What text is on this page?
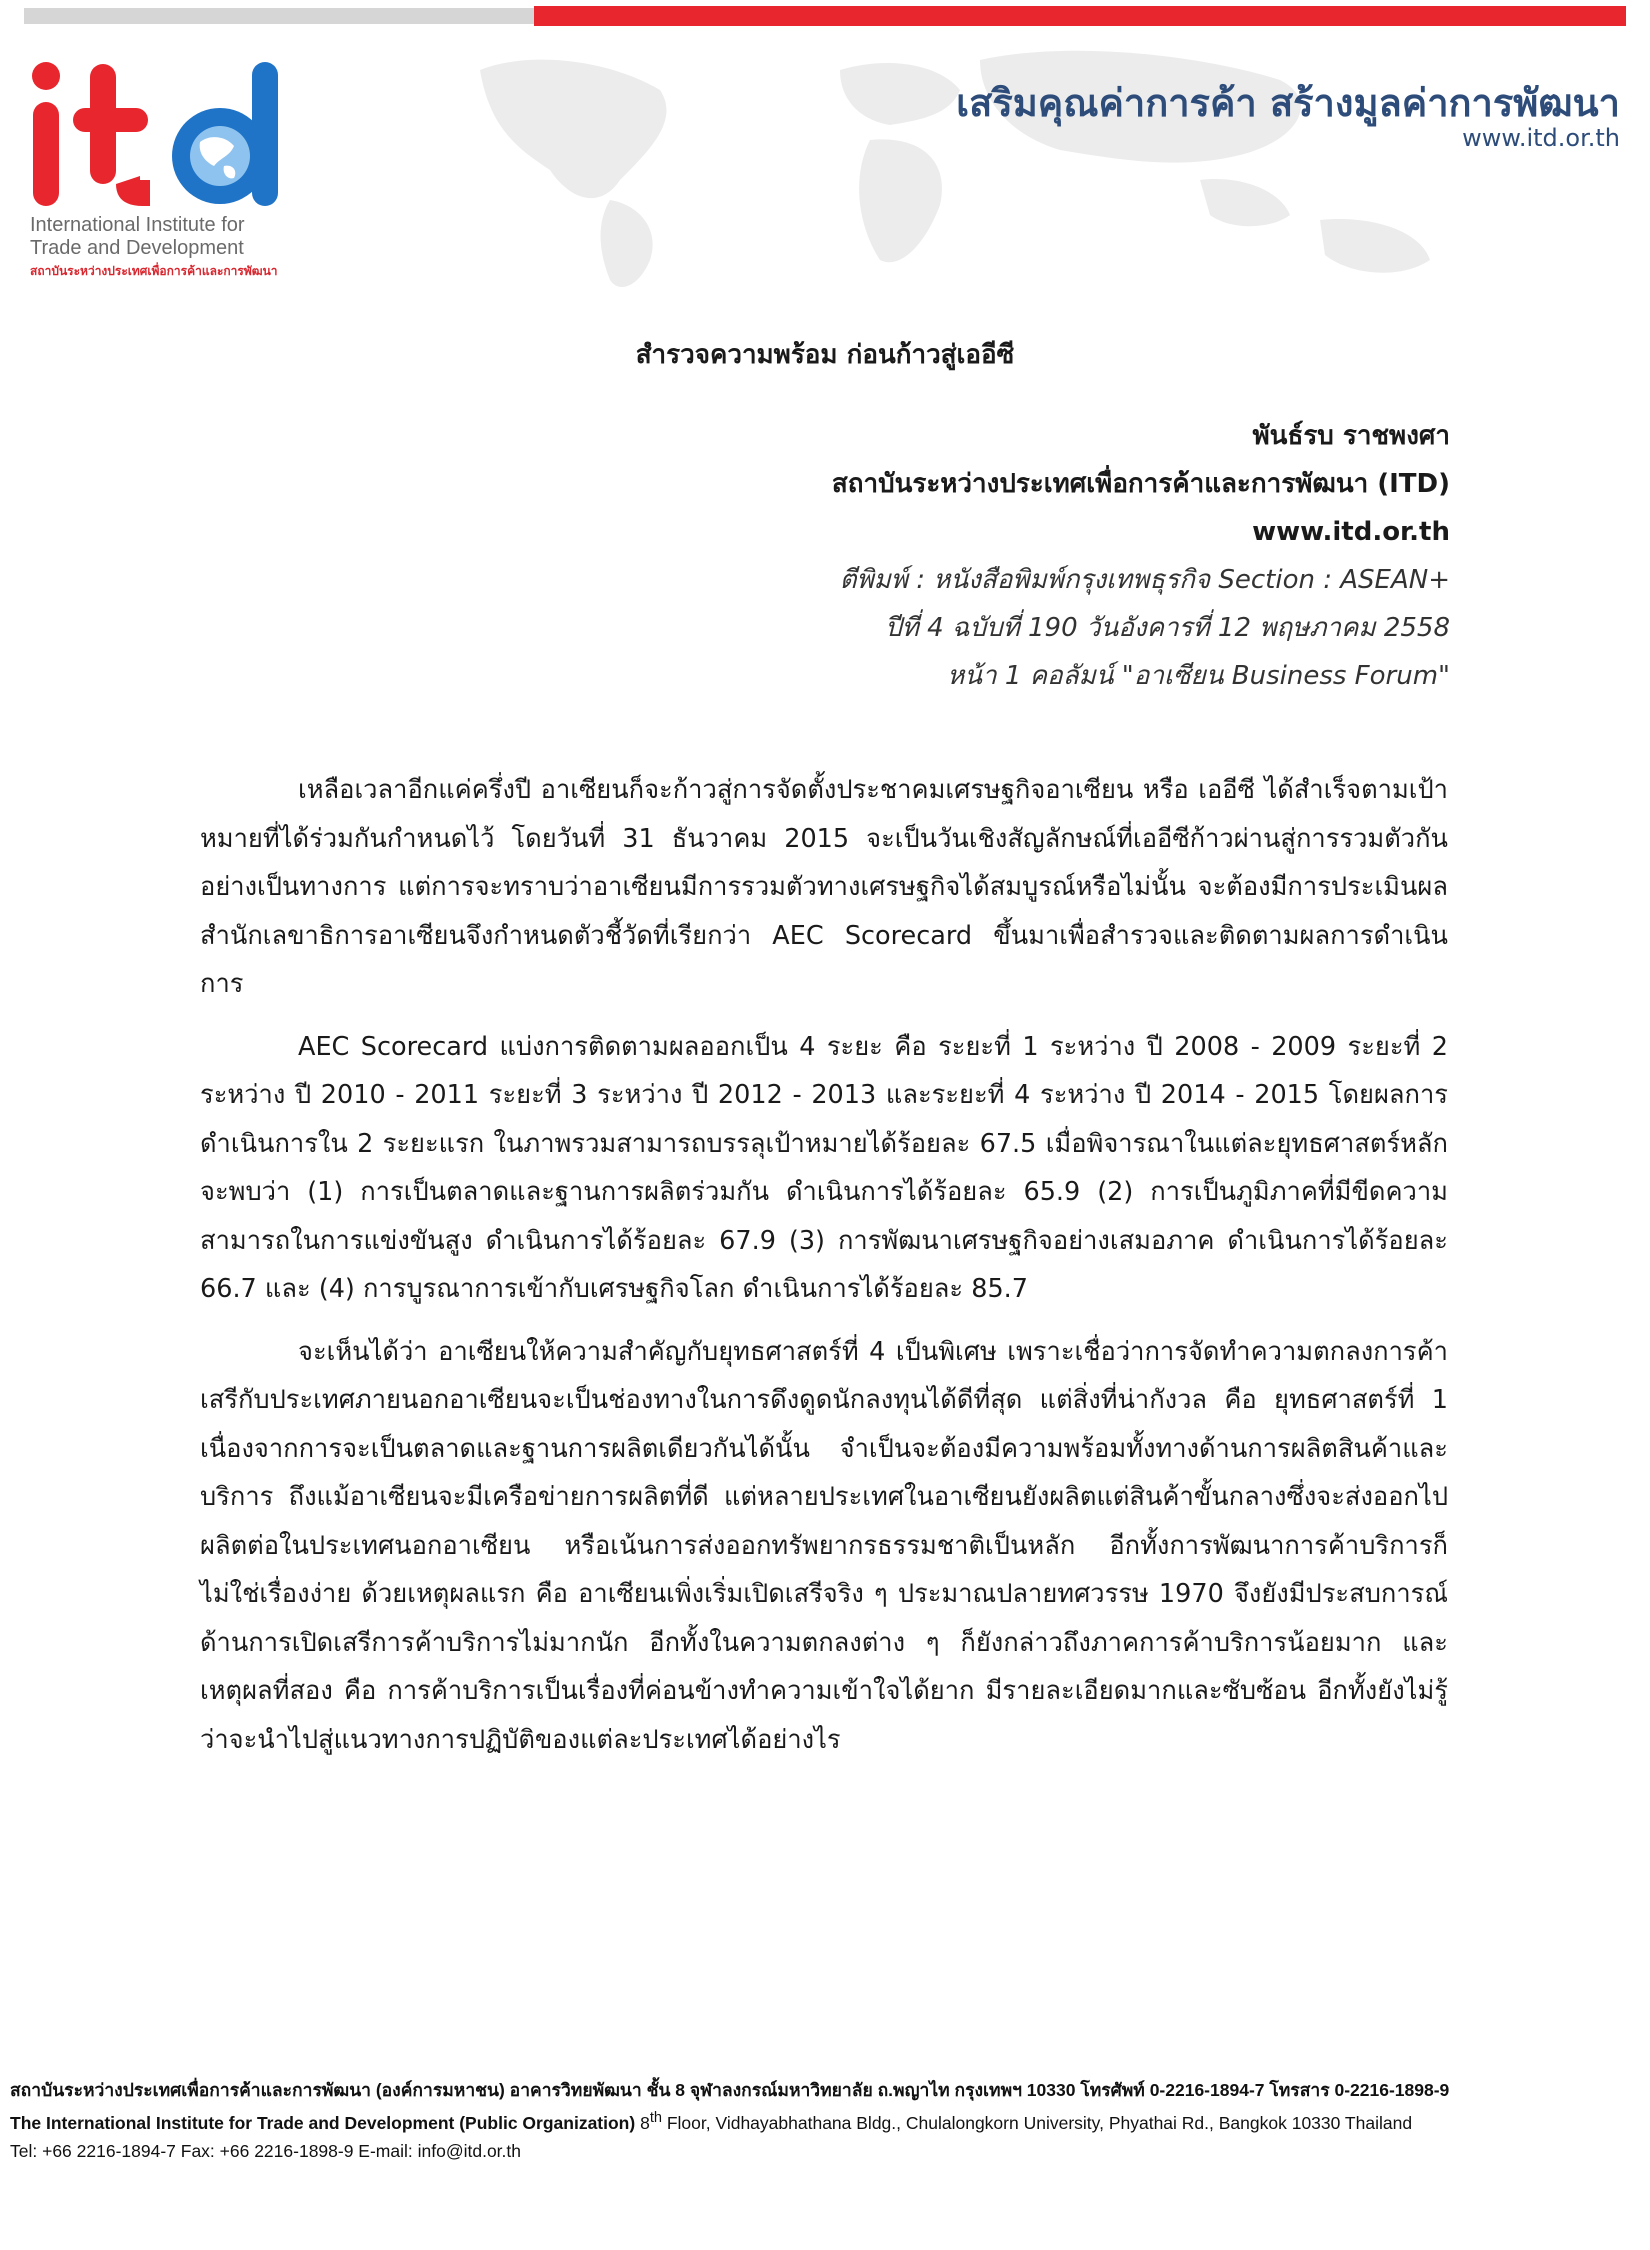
International Institute for
Trade and Development
สถาบันระหว่างประเทศเพื่อการค้าและการพัฒนา
เสริมคุณค่าการค้า สร้างมูลค่าการพัฒนา
www.itd.or.th
สำรวจความพร้อม ก่อนก้าวสู่เออีซี
พันธ์รบ ราชพงศา
สถาบันระหว่างประเทศเพื่อการค้าและการพัฒนา (ITD)
www.itd.or.th
ตีพิมพ์ : หนังสือพิมพ์กรุงเทพธุรกิจ Section : ASEAN+
ปีที่ 4 ฉบับที่ 190 วันอังคารที่ 12 พฤษภาคม 2558
หน้า 1 คอลัมน์ "อาเซียน Business Forum"

เหลือเวลาอีกแค่ครึ่งปี อาเซียนก็จะก้าวสู่การจัดตั้งประชาคมเศรษฐกิจอาเซียน หรือ เออีซี ได้สำเร็จตามเป้าหมายที่ได้ร่วมกันกำหนดไว้ โดยวันที่ 31 ธันวาคม 2015 จะเป็นวันเชิงสัญลักษณ์ที่เออีซีก้าวผ่านสู่การรวมตัวกันอย่างเป็นทางการ แต่การจะทราบว่าอาเซียนมีการรวมตัวทางเศรษฐกิจได้สมบูรณ์หรือไม่นั้น จะต้องมีการประเมินผล สำนักเลขาธิการอาเซียนจึงกำหนดตัวชี้วัดที่เรียกว่า AEC Scorecard ขึ้นมาเพื่อสำรวจและติดตามผลการดำเนินการ

AEC Scorecard แบ่งการติดตามผลออกเป็น 4 ระยะ คือ ระยะที่ 1 ระหว่าง ปี 2008 - 2009 ระยะที่ 2 ระหว่าง ปี 2010 - 2011 ระยะที่ 3 ระหว่าง ปี 2012 - 2013 และระยะที่ 4 ระหว่าง ปี 2014 - 2015 โดยผลการดำเนินการใน 2 ระยะแรก ในภาพรวมสามารถบรรลุเป้าหมายได้ร้อยละ 67.5 เมื่อพิจารณาในแต่ละยุทธศาสตร์หลัก จะพบว่า (1) การเป็นตลาดและฐานการผลิตร่วมกัน ดำเนินการได้ร้อยละ 65.9 (2) การเป็นภูมิภาคที่มีขีดความสามารถในการแข่งขันสูง ดำเนินการได้ร้อยละ 67.9 (3) การพัฒนาเศรษฐกิจอย่างเสมอภาค ดำเนินการได้ร้อยละ 66.7 และ (4) การบูรณาการเข้ากับเศรษฐกิจโลก ดำเนินการได้ร้อยละ 85.7

จะเห็นได้ว่า อาเซียนให้ความสำคัญกับยุทธศาสตร์ที่ 4 เป็นพิเศษ เพราะเชื่อว่าการจัดทำความตกลงการค้าเสรีกับประเทศภายนอกอาเซียนจะเป็นช่องทางในการดึงดูดนักลงทุนได้ดีที่สุด แต่สิ่งที่น่ากังวล คือ ยุทธศาสตร์ที่ 1 เนื่องจากการจะเป็นตลาดและฐานการผลิตเดียวกันได้นั้น จำเป็นจะต้องมีความพร้อมทั้งทางด้านการผลิตสินค้าและบริการ ถึงแม้อาเซียนจะมีเครือข่ายการผลิตที่ดี แต่หลายประเทศในอาเซียนยังผลิตแต่สินค้าขั้นกลางซึ่งจะส่งออกไปผลิตต่อในประเทศนอกอาเซียน หรือเน้นการส่งออกทรัพยากรธรรมชาติเป็นหลัก อีกทั้งการพัฒนาการค้าบริการก็ไม่ใช่เรื่องง่าย ด้วยเหตุผลแรก คือ อาเซียนเพิ่งเริ่มเปิดเสรีจริง ๆ ประมาณปลายทศวรรษ 1970 จึงยังมีประสบการณ์ด้านการเปิดเสรีการค้าบริการไม่มากนัก อีกทั้งในความตกลงต่าง ๆ ก็ยังกล่าวถึงภาคการค้าบริการน้อยมาก และเหตุผลที่สอง คือ การค้าบริการเป็นเรื่องที่ค่อนข้างทำความเข้าใจได้ยาก มีรายละเอียดมากและซับซ้อน อีกทั้งยังไม่รู้ว่าจะนำไปสู่แนวทางการปฏิบัติของแต่ละประเทศได้อย่างไร

สถาบันระหว่างประเทศเพื่อการค้าและการพัฒนา (องค์การมหาชน) อาคารวิทยพัฒนา ชั้น 8 จุฬาลงกรณ์มหาวิทยาลัย ถ.พญาไท กรุงเทพฯ 10330 โทรศัพท์ 0-2216-1894-7 โทรสาร 0-2216-1898-9
The International Institute for Trade and Development (Public Organization) 8th Floor, Vidhayabhathana Bldg., Chulalongkorn University, Phyathai Rd., Bangkok 10330 Thailand
Tel: +66 2216-1894-7 Fax: +66 2216-1898-9 E-mail: info@itd.or.th
